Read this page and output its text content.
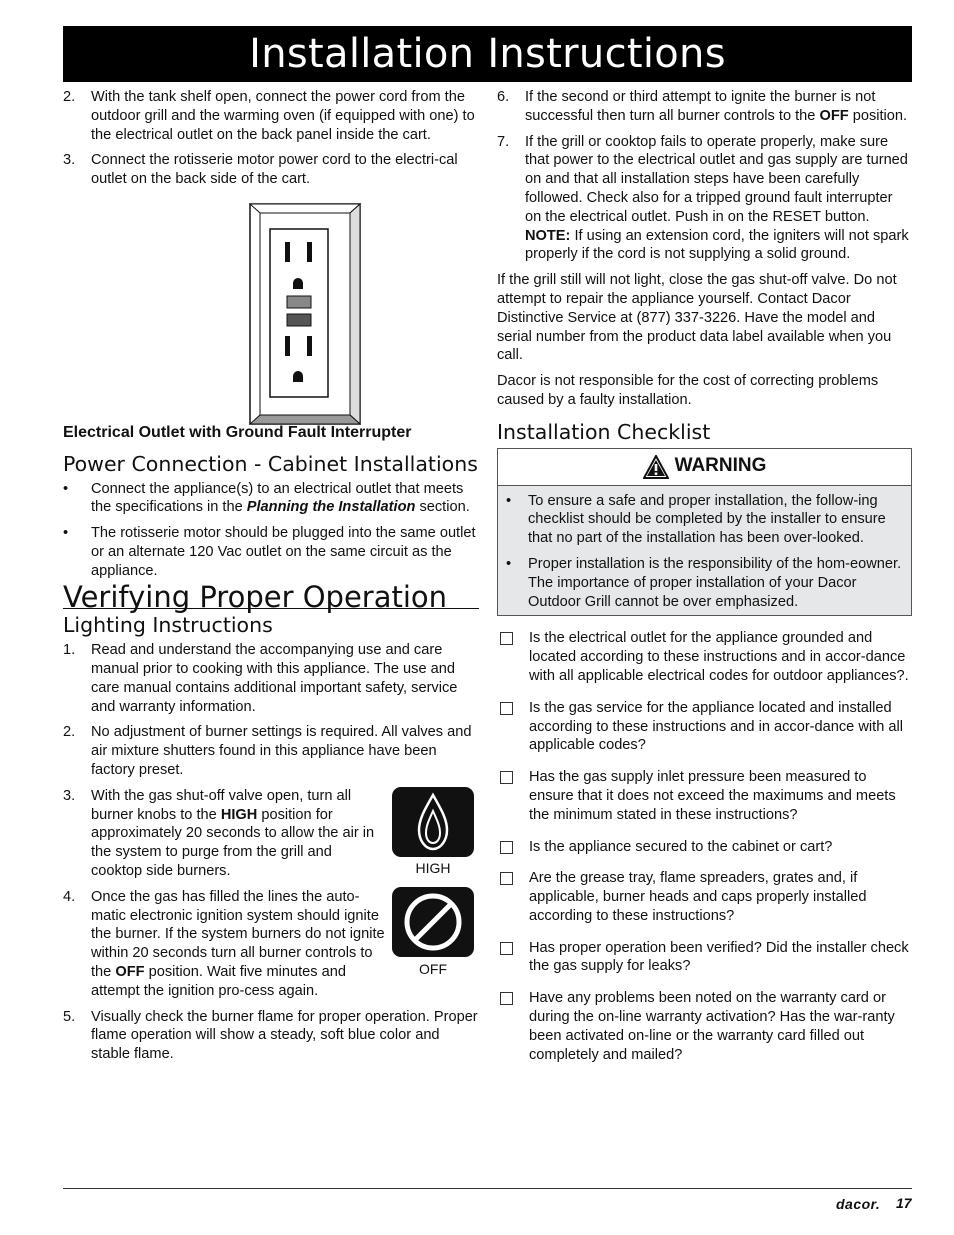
Installation Instructions
2.	With the tank shelf open, connect the power cord from the outdoor grill and the warming oven (if equipped with one) to the electrical outlet on the back panel inside the cart.
3.	Connect the rotisserie motor power cord to the electri-cal outlet on the back side of the cart.

Electrical Outlet with Ground Fault Interrupter

Power Connection - Cabinet Installations
•	Connect the appliance(s) to an electrical outlet that meets the specifications in the Planning the Installation section.
•	The rotisserie motor should be plugged into the same outlet or an alternate 120 Vac outlet on the same circuit as the appliance.
Verifying Proper Operation
Lighting Instructions
1.	Read and understand the accompanying use and care manual prior to cooking with this appliance. The use and care manual contains additional important safety, service and warranty information.
2.	No adjustment of burner settings is required. All valves and air mixture shutters found in this appliance have been factory preset.
3.	With the gas shut-off valve open, turn all burner knobs to the HIGH position for approximately 20 seconds to allow the air in the system to purge from the grill and cooktop side burners.
4.	Once the gas has filled the lines the auto-matic electronic ignition system should ignite the burner. If the system burners do not ignite within 20 seconds turn all burner controls to the OFF position. Wait five minutes and attempt the ignition pro-cess again.
HIGH
OFF
5.	Visually check the burner flame for proper operation. Proper flame operation will show a steady, soft blue color and stable flame.
6.	If the second or third attempt to ignite the burner is not successful then turn all burner controls to the OFF position.
7.	If the grill or cooktop fails to operate properly, make sure that power to the electrical outlet and gas supply are turned on and that all installation steps have been carefully followed. Check also for a tripped ground fault interrupter on the electrical outlet. Push in on the RESET button.
NOTE: If using an extension cord, the igniters will not spark properly if the cord is not supplying a solid ground.

If the grill still will not light, close the gas shut-off valve. Do not attempt to repair the appliance yourself. Contact Dacor Distinctive Service at (877) 337-3226. Have the model and serial number from the product data label available when you call.

Dacor is not responsible for the cost of correcting problems caused by a faulty installation.

Installation Checklist
WARNING
•	To ensure a safe and proper installation, the follow-ing checklist should be completed by the installer to ensure that no part of the installation has been over-looked.
•	Proper installation is the responsibility of the hom-eowner. The importance of proper installation of your Dacor Outdoor Grill cannot be over emphasized.
Is the electrical outlet for the appliance grounded and located according to these instructions and in accor-dance with all applicable electrical codes for outdoor appliances?.
Is the gas service for the appliance located and installed according to these instructions and in accor-dance with all applicable codes?
Has the gas supply inlet pressure been measured to ensure that it does not exceed the maximums and meets the minimum stated in these instructions?
Is the appliance secured to the cabinet or cart?
Are the grease tray, flame spreaders, grates and, if applicable, burner heads and caps properly installed according to these instructions?
Has proper operation been verified? Did the installer check the gas supply for leaks?
Have any problems been noted on the warranty card or during the on-line warranty activation? Has the war-ranty been activated on-line or the warranty card filled out completely and mailed?
dacor. 17
